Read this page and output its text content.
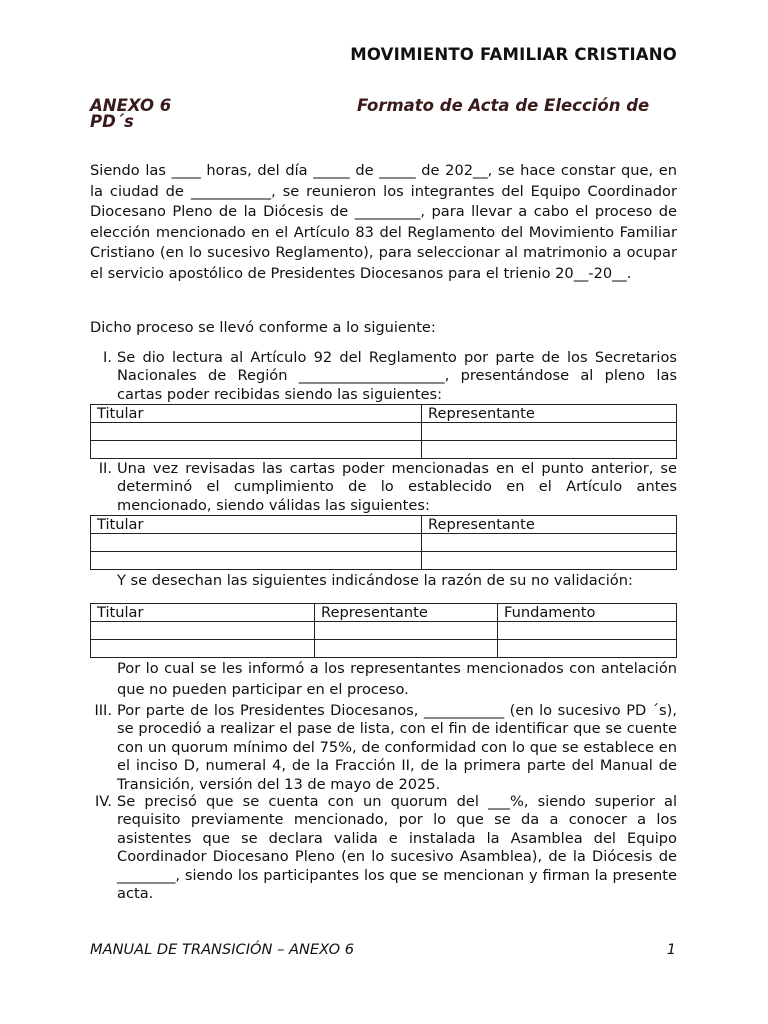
MOVIMIENTO FAMILIAR CRISTIANO
ANEXO 6	Formato de Acta de Elección de
PD´s
Siendo las ____ horas, del día _____ de _____ de 202__, se hace constar que, en la ciudad de ___________, se reunieron los integrantes del Equipo Coordinador Diocesano Pleno de la Diócesis de _________, para llevar a cabo el proceso de elección mencionado en el Artículo 83 del Reglamento del Movimiento Familiar Cristiano (en lo sucesivo Reglamento), para seleccionar al matrimonio a ocupar el servicio apostólico de Presidentes Diocesanos para el trienio 20__-20__.
Dicho proceso se llevó conforme a lo siguiente:
I. Se dio lectura al Artículo 92 del Reglamento por parte de los Secretarios Nacionales de Región ____________________, presentándose al pleno las cartas poder recibidas siendo las siguientes:
Titular	Representante

II. Una vez revisadas las cartas poder mencionadas en el punto anterior, se determinó el cumplimiento de lo establecido en el Artículo antes mencionado, siendo válidas las siguientes:
Titular	Representante

Y se desechan las siguientes indicándose la razón de su no validación:
Titular	Representante	Fundamento

Por lo cual se les informó a los representantes mencionados con antelación que no pueden participar en el proceso.
III. Por parte de los Presidentes Diocesanos, ___________ (en lo sucesivo PD ´s), se procedió a realizar el pase de lista, con el fin de identificar que se cuente con un quorum mínimo del 75%, de conformidad con lo que se establece en el inciso D, numeral 4, de la Fracción II, de la primera parte del Manual de Transición, versión del 13 de mayo de 2025.
IV. Se precisó que se cuenta con un quorum del ___%, siendo superior al requisito previamente mencionado, por lo que se da a conocer a los asistentes que se declara valida e instalada la Asamblea del Equipo Coordinador Diocesano Pleno (en lo sucesivo Asamblea), de la Diócesis de ________, siendo los participantes los que se mencionan y firman la presente acta.
MANUAL DE TRANSICIÓN – ANEXO 6	1
